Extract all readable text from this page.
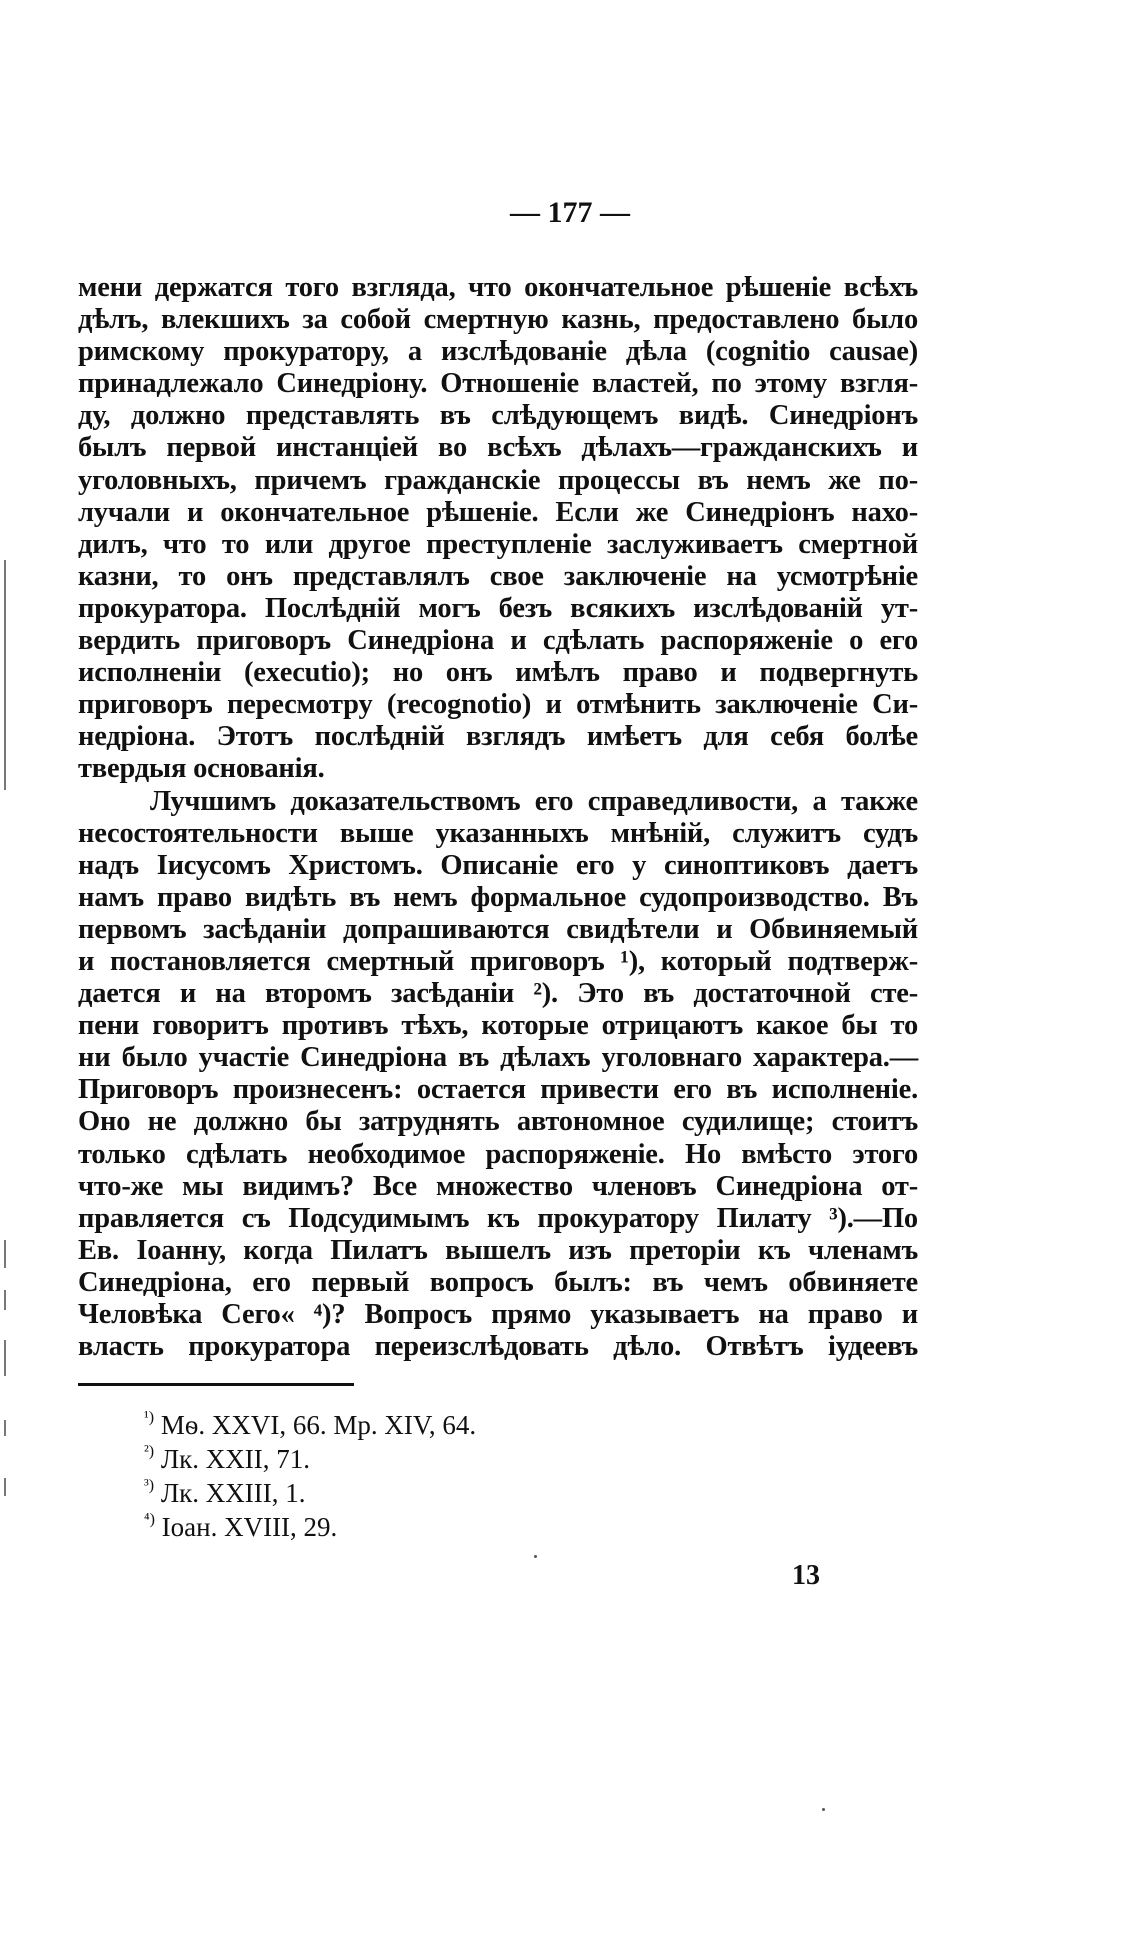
— 177 —
мени держатся того взгляда, что окончательное рѣшеніе всѣхъ
дѣлъ, влекшихъ за собой смертную казнь, предоставлено было
римскому прокуратору, а изслѣдованіе дѣла (cognitio causae)
принадлежало Синедріону. Отношеніе властей, по этому взгля-
ду, должно представлять въ слѣдующемъ видѣ. Синедріонъ
былъ первой инстанціей во всѣхъ дѣлахъ—гражданскихъ и
уголовныхъ, причемъ гражданскіе процессы въ немъ же по-
лучали и окончательное рѣшеніе. Если же Синедріонъ нахо-
дилъ, что то или другое преступленіе заслуживаетъ смертной
казни, то онъ представлялъ свое заключеніе на усмотрѣніе
прокуратора. Послѣдній могъ безъ всякихъ изслѣдованій ут-
вердить приговоръ Синедріона и сдѣлать распоряженіе о его
исполненіи (executio); но онъ имѣлъ право и подвергнуть
приговоръ пересмотру (recognotio) и отмѣнить заключеніе Си-
недріона. Этотъ послѣдній взглядъ имѣетъ для себя болѣе
твердыя основанія.
Лучшимъ доказательствомъ его справедливости, а также
несостоятельности выше указанныхъ мнѣній, служитъ судъ
надъ Іисусомъ Христомъ. Описаніе его у синоптиковъ даетъ
намъ право видѣть въ немъ формальное судопроизводство. Въ
первомъ засѣданіи допрашиваются свидѣтели и Обвиняемый
и постановляется смертный приговоръ ¹), который подтверж-
дается и на второмъ засѣданіи ²). Это въ достаточной сте-
пени говоритъ противъ тѣхъ, которые отрицаютъ какое бы то
ни было участіе Синедріона въ дѣлахъ уголовнаго характера.—
Приговоръ произнесенъ: остается привести его въ исполненіе.
Оно не должно бы затруднять автономное судилище; стоитъ
только сдѣлать необходимое распоряженіе. Но вмѣсто этого
что-же мы видимъ? Все множество членовъ Синедріона от-
правляется съ Подсудимымъ къ прокуратору Пилату ³).—По
Ев. Іоанну, когда Пилатъ вышелъ изъ преторіи къ членамъ
Синедріона, его первый вопросъ былъ: въ чемъ обвиняете
Человѣка Сего« ⁴)? Вопросъ прямо указываетъ на право и
власть прокуратора переизслѣдовать дѣло. Отвѣтъ іудеевъ
$^{^1)}$ Мѳ. XXVI, 66. Мр. XIV, 64.
$^{^2)}$ Лк. XXII, 71.
$^{^3)}$ Лк. XXIII, 1.
$^{^4)}$ Іоан. XVIII, 29.
13
